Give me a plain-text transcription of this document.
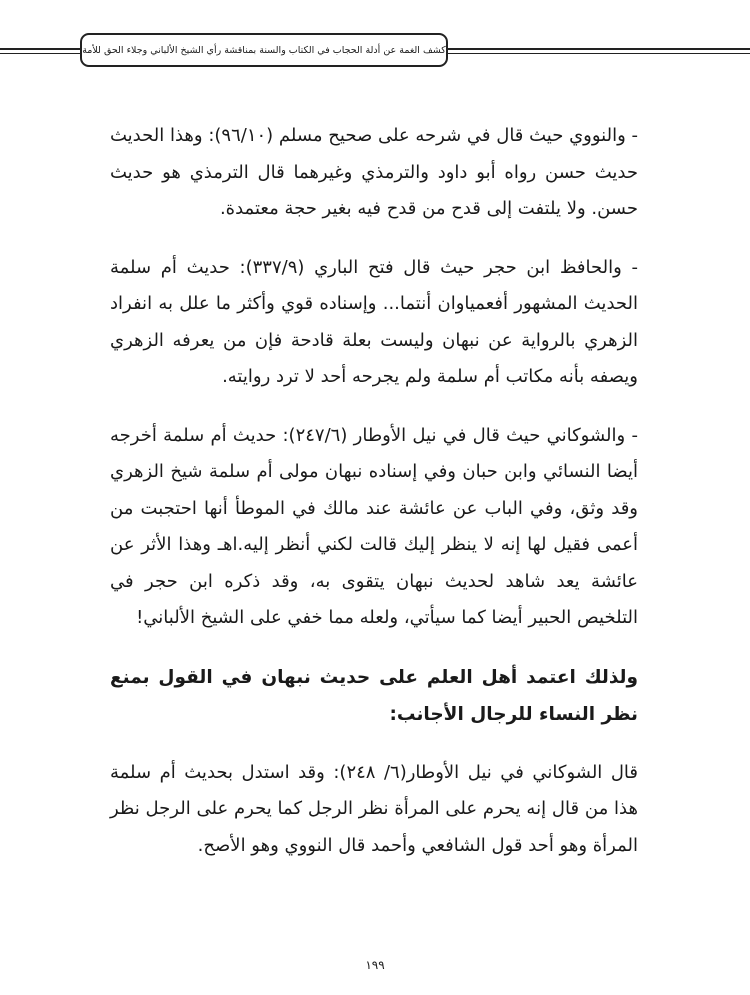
كشف الغمة عن أدلة الحجاب في الكتاب والسنة بمناقشة رأي الشيخ الألباني وجلاء الحق للأمة

- والنووي حيث قال في شرحه على صحيح مسلم (٩٦/١٠): وهذا الحديث حديث حسن رواه أبو داود والترمذي وغيرهما قال الترمذي هو حديث حسن. ولا يلتفت إلى قدح من قدح فيه بغير حجة معتمدة.

- والحافظ ابن حجر حيث قال فتح الباري (٣٣٧/٩): حديث أم سلمة الحديث المشهور أفعمياوان أنتما... وإسناده قوي وأكثر ما علل به انفراد الزهري بالرواية عن نبهان وليست بعلة قادحة فإن من يعرفه الزهري ويصفه بأنه مكاتب أم سلمة ولم يجرحه أحد لا ترد روايته.

- والشوكاني حيث قال في نيل الأوطار (٢٤٧/٦): حديث أم سلمة أخرجه أيضا النسائي وابن حبان وفي إسناده نبهان مولى أم سلمة شيخ الزهري وقد وثق، وفي الباب عن عائشة عند مالك في الموطأ أنها احتجبت من أعمى فقيل لها إنه لا ينظر إليك قالت لكني أنظر إليه.اهـ وهذا الأثر عن عائشة يعد شاهد لحديث نبهان يتقوى به، وقد ذكره ابن حجر في التلخيص الحبير أيضا كما سيأتي، ولعله مما خفي على الشيخ الألباني!

ولذلك اعتمد أهل العلم على حديث نبهان في القول بمنع نظر النساء للرجال الأجانب:

قال الشوكاني في نيل الأوطار(٦/ ٢٤٨): وقد استدل بحديث أم سلمة هذا من قال إنه يحرم على المرأة نظر الرجل كما يحرم على الرجل نظر المرأة وهو أحد قول الشافعي وأحمد قال النووي وهو الأصح.

١٩٩
